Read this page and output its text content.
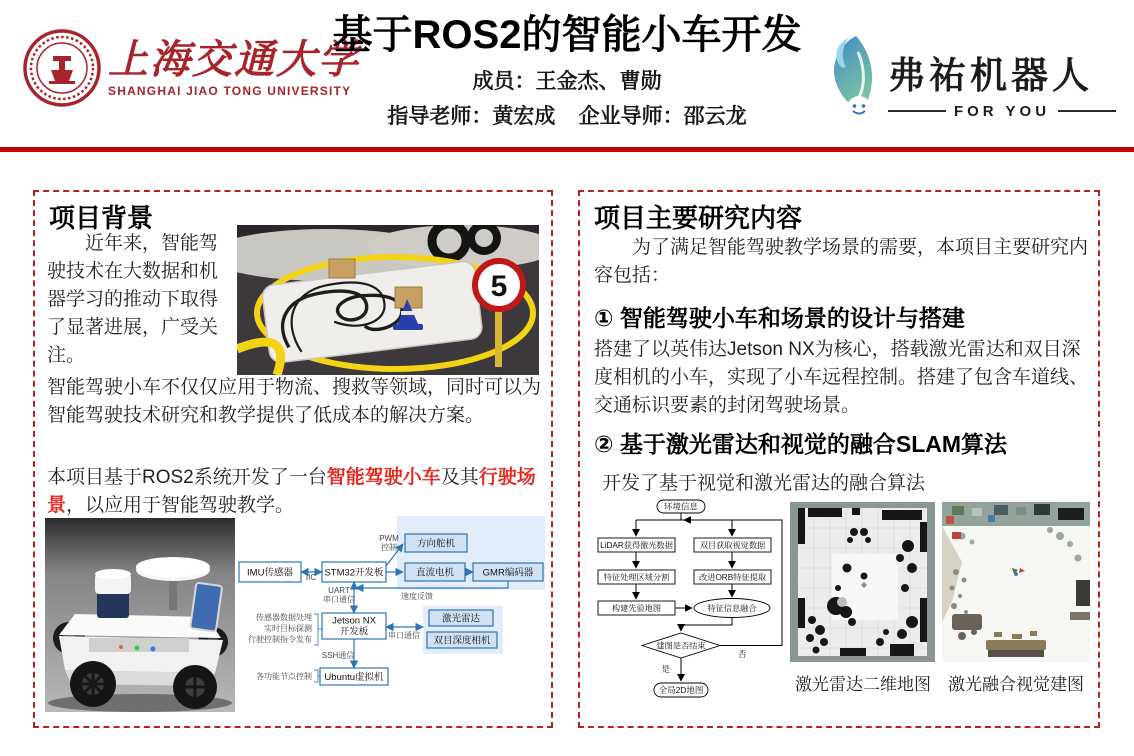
上海交通大学
SHANGHAI JIAO TONG UNIVERSITY
基于ROS2的智能小车开发
成员：王金杰、曹勋
指导老师：黄宏成    企业导师：邵云龙
弗祐机器人
FOR YOU
项目背景
5

近年来，智能驾驶技术在大数据和机器学习的推动下取得了显著进展，广受关注。

智能驾驶小车不仅仅应用于物流、搜救等领域，同时可以为智能驾驶技术研究和教学提供了低成本的解决方案。

本项目基于ROS2系统开发了一台智能驾驶小车及其行驶场景，以应用于智能驾驶教学。

IMU传感器	STM32开发板
方向舵机
直流电机	GMR编码器
Jetson NX
开发板
激光雷达
双目深度相机
Ubuntu虚拟机
IIC
PWM
控制
UART
串口通信	速度反馈
串口通信
SSH通信
传感器数据处理
实时目标探测
行驶控制指令发布
各功能节点控制
项目主要研究内容

为了满足智能驾驶教学场景的需要，本项目主要研究内容包括：

① 智能驾驶小车和场景的设计与搭建

搭建了以英伟达Jetson NX为核心，搭载激光雷达和双目深度相机的小车，实现了小车远程控制。搭建了包含车道线、交通标识要素的封闭驾驶场景。

② 基于激光雷达和视觉的融合SLAM算法

开发了基于视觉和激光雷达的融合算法

环境信息
LiDAR获得激光数据	双目获取视觉数据
特征处理区域分割	改进ORB特征提取
构建先验地图	特征信息融合
建图是否结束
否
是
全局2D地图	激光雷达二维地图	激光融合视觉建图
